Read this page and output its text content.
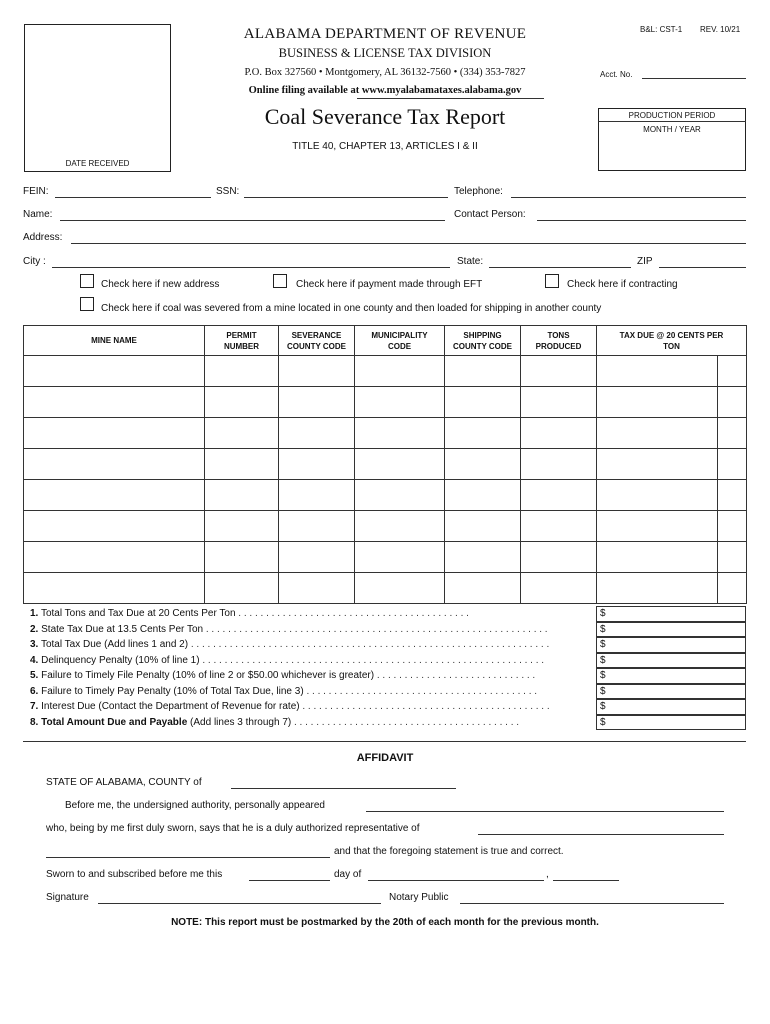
DATE RECEIVED
ALABAMA DEPARTMENT OF REVENUE
BUSINESS & LICENSE TAX DIVISION
P.O. Box 327560 • Montgomery, AL 36132-7560 • (334) 353-7827
Online filing available at www.myalabamataxes.alabama.gov
Coal Severance Tax Report
TITLE 40, CHAPTER 13, ARTICLES I & II
B&L: CST-1 REV. 10/21
Acct. No.
PRODUCTION PERIOD
MONTH / YEAR
FEIN:	SSN:	Telephone:
Name:	Contact Person:
Address:
City :	State:	ZIP
Check here if new address	Check here if payment made through EFT	Check here if contracting
Check here if coal was severed from a mine located in one county and then loaded for shipping in another county
MINE NAME	PERMIT NUMBER	SEVERANCE COUNTY CODE	MUNICIPALITY CODE	SHIPPING COUNTY CODE	TONS PRODUCED	TAX DUE @ 20 CENTS PER TON	

1. Total Tons and Tax Due at 20 Cents Per Ton . . . . . . . . . . . . . . . . . . . . . . . . . . . . . . . . . . . . . . . . . .	$
2. State Tax Due at 13.5 Cents Per Ton . . . . . . . . . . . . . . . . . . . . . . . . . . . . . . . . . . . . . . . . . . . . . . . . . . . . . . . . . . . . . .	$
3. Total Tax Due (Add lines 1 and 2) . . . . . . . . . . . . . . . . . . . . . . . . . . . . . . . . . . . . . . . . . . . . . . . . . . . . . . . . . . . . . . . . .	$
4. Delinquency Penalty (10% of line 1) . . . . . . . . . . . . . . . . . . . . . . . . . . . . . . . . . . . . . . . . . . . . . . . . . . . . . . . . . . . . . .	$
5. Failure to Timely File Penalty (10% of line 2 or $50.00 whichever is greater) . . . . . . . . . . . . . . . . . . . . . . . . . . . . .	$
6. Failure to Timely Pay Penalty (10% of Total Tax Due, line 3) . . . . . . . . . . . . . . . . . . . . . . . . . . . . . . . . . . . . . . . . . .	$
7. Interest Due (Contact the Department of Revenue for rate) . . . . . . . . . . . . . . . . . . . . . . . . . . . . . . . . . . . . . . . . . . . . .	$
8. Total Amount Due and Payable (Add lines 3 through 7) . . . . . . . . . . . . . . . . . . . . . . . . . . . . . . . . . . . . . . . . .	$
AFFIDAVIT
STATE OF ALABAMA, COUNTY of
Before me, the undersigned authority, personally appeared
who, being by me first duly sworn, says that he is a duly authorized representative of
and that the foregoing statement is true and correct.
Sworn to and subscribed before me this	day of	,
Signature	Notary Public
NOTE: This report must be postmarked by the 20th of each month for the previous month.
